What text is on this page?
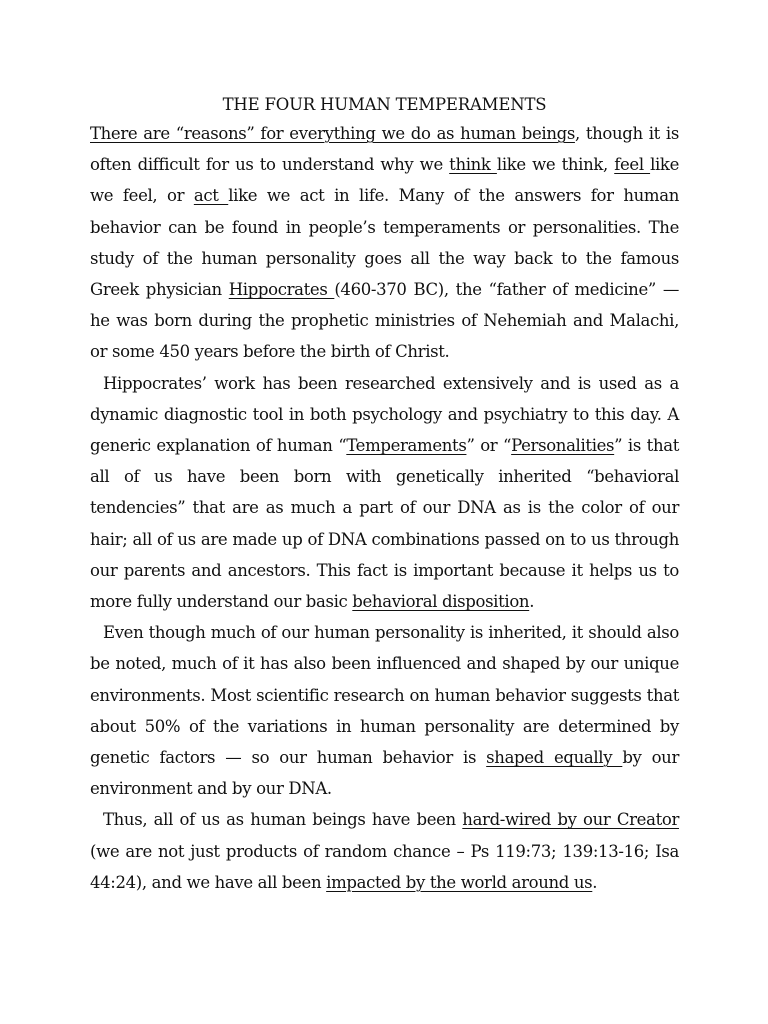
THE FOUR HUMAN TEMPERAMENTS

There are “reasons” for everything we do as human beings, though it is often difficult for us to understand why we think like we think, feel like we feel, or act like we act in life. Many of the answers for human behavior can be found in people’s temperaments or personalities. The study of the human personality goes all the way back to the famous Greek physician Hippocrates (460-370 BC), the “father of medicine” —he was born during the prophetic ministries of Nehemiah and Malachi, or some 450 years before the birth of Christ.

Hippocrates’ work has been researched extensively and is used as a dynamic diagnostic tool in both psychology and psychiatry to this day. A generic explanation of human “Temperaments” or “Personalities” is that all of us have been born with genetically inherited “behavioral tendencies” that are as much a part of our DNA as is the color of our hair; all of us are made up of DNA combinations passed on to us through our parents and ancestors. This fact is important because it helps us to more fully understand our basic behavioral disposition.

Even though much of our human personality is inherited, it should also be noted, much of it has also been influenced and shaped by our unique environments. Most scientific research on human behavior suggests that about 50% of the variations in human personality are determined by genetic factors — so our human behavior is shaped equally by our environment and by our DNA.

Thus, all of us as human beings have been hard-wired by our Creator (we are not just products of random chance – Ps 119:73; 139:13-16; Isa 44:24), and we have all been impacted by the world around us.
